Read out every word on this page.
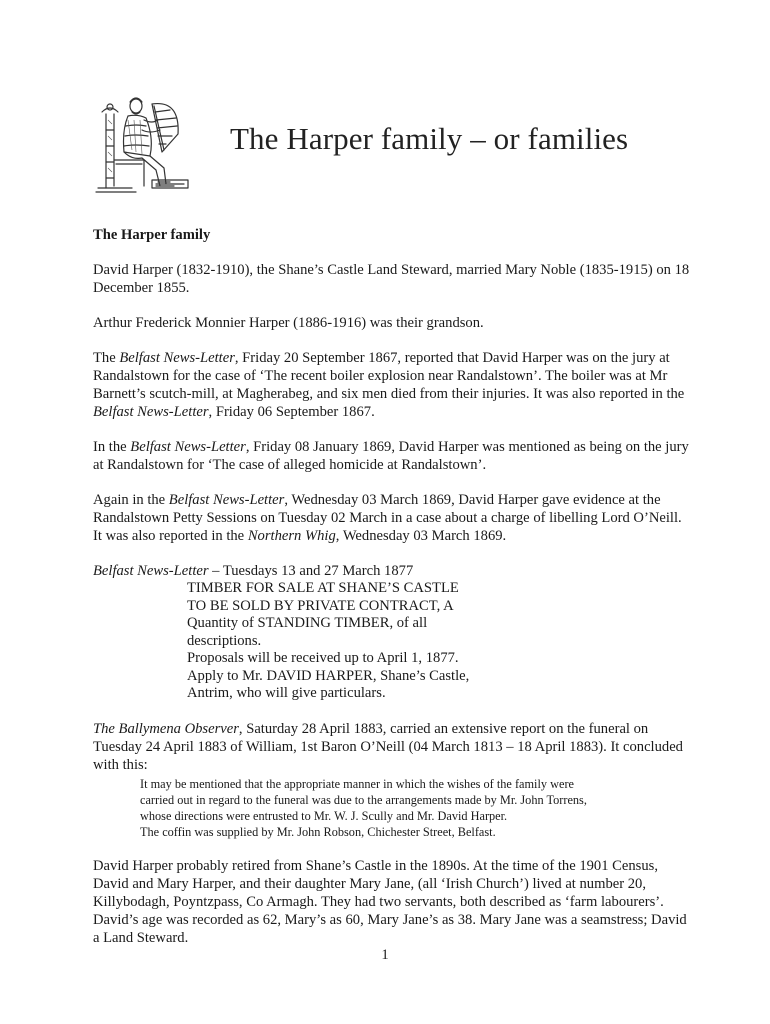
The Harper family – or families
The Harper family

David Harper (1832-1910), the Shane’s Castle Land Steward, married Mary Noble (1835-1915) on 18 December 1855.

Arthur Frederick Monnier Harper (1886-1916) was their grandson.

The Belfast News-Letter, Friday 20 September 1867, reported that David Harper was on the jury at Randalstown for the case of ‘The recent boiler explosion near Randalstown’. The boiler was at Mr Barnett’s scutch-mill, at Magherabeg, and six men died from their injuries. It was also reported in the Belfast News-Letter, Friday 06 September 1867.

In the Belfast News-Letter, Friday 08 January 1869, David Harper was mentioned as being on the jury at Randalstown for ‘The case of alleged homicide at Randalstown’.

Again in the Belfast News-Letter, Wednesday 03 March 1869, David Harper gave evidence at the Randalstown Petty Sessions on Tuesday 02 March in a case about a charge of libelling Lord O’Neill. It was also reported in the Northern Whig, Wednesday 03 March 1869.

Belfast News-Letter – Tuesdays 13 and 27 March 1877

TIMBER FOR SALE AT SHANE’S CASTLE
TO BE SOLD BY PRIVATE CONTRACT, A
Quantity of STANDING TIMBER, of all
descriptions.
Proposals will be received up to April 1, 1877.
Apply to Mr. DAVID HARPER, Shane’s Castle,
Antrim, who will give particulars.

The Ballymena Observer, Saturday 28 April 1883, carried an extensive report on the funeral on Tuesday 24 April 1883 of William, 1st Baron O’Neill (04 March 1813 – 18 April 1883). It concluded with this:

It may be mentioned that the appropriate manner in which the wishes of the family were
carried out in regard to the funeral was due to the arrangements made by Mr. John Torrens,
whose directions were entrusted to Mr. W. J. Scully and Mr. David Harper.
The coffin was supplied by Mr. John Robson, Chichester Street, Belfast.

David Harper probably retired from Shane’s Castle in the 1890s. At the time of the 1901 Census, David and Mary Harper, and their daughter Mary Jane, (all ‘Irish Church’) lived at number 20, Killybodagh, Poyntzpass, Co Armagh. They had two servants, both described as ‘farm labourers’. David’s age was recorded as 62, Mary’s as 60, Mary Jane’s as 38. Mary Jane was a seamstress; David a Land Steward.

1
